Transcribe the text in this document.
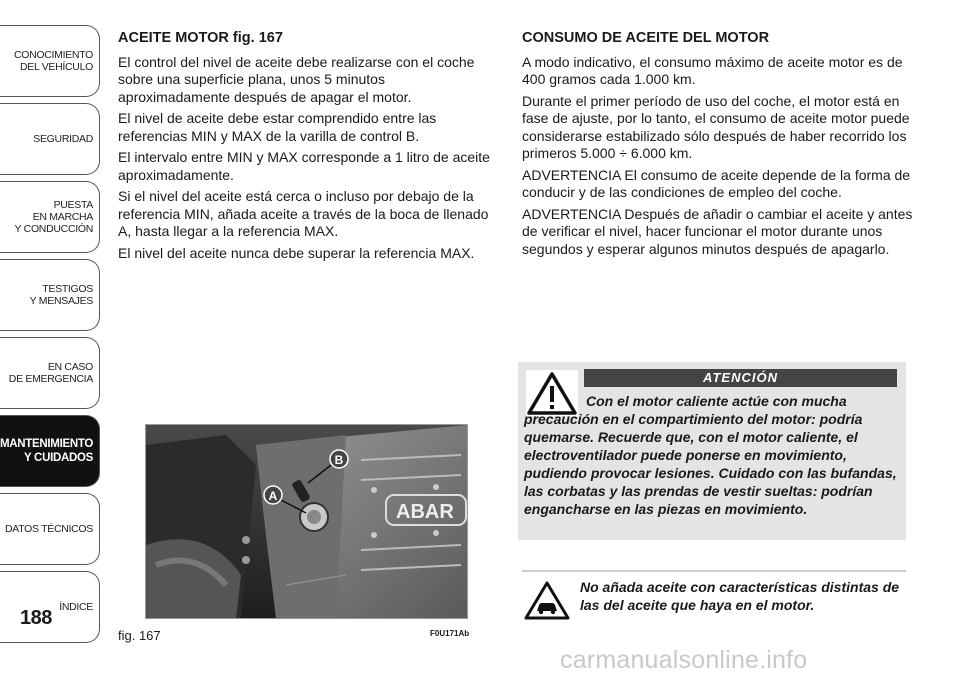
CONOCIMIENTO
DEL VEHÍCULO
SEGURIDAD
PUESTA
EN MARCHA
Y CONDUCCIÓN
TESTIGOS
Y MENSAJES
EN CASO
DE EMERGENCIA
MANTENIMIENTO
Y CUIDADOS
DATOS TÉCNICOS
ÍNDICE
188
ACEITE MOTOR fig. 167

El control del nivel de aceite debe realizarse con el coche sobre una superficie plana, unos 5 minutos aproximadamente después de apagar el motor.

El nivel de aceite debe estar comprendido entre las referencias MIN y MAX de la varilla de control B.

El intervalo entre MIN y MAX corresponde a 1 litro de aceite aproximadamente.

Si el nivel del aceite está cerca o incluso por debajo de la referencia MIN, añada aceite a través de la boca de llenado A, hasta llegar a la referencia MAX.

El nivel del aceite nunca debe superar la referencia MAX.

A
B
ABAR
fig. 167	F0U171Ab
CONSUMO DE ACEITE DEL MOTOR

A modo indicativo, el consumo máximo de aceite motor es de 400 gramos cada 1.000 km.

Durante el primer período de uso del coche, el motor está en fase de ajuste, por lo tanto, el consumo de aceite motor puede considerarse estabilizado sólo después de haber recorrido los primeros 5.000 ÷ 6.000 km.

ADVERTENCIA El consumo de aceite depende de la forma de conducir y de las condiciones de empleo del coche.

ADVERTENCIA Después de añadir o cambiar el aceite y antes de verificar el nivel, hacer funcionar el motor durante unos segundos y esperar algunos minutos después de apagarlo.

ATENCIÓN
Con el motor caliente actúe con mucha precaución en el compartimiento del motor: podría quemarse. Recuerde que, con el motor caliente, el electroventilador puede ponerse en movimiento, pudiendo provocar lesiones. Cuidado con las bufandas, las corbatas y las prendas de vestir sueltas: podrían engancharse en las piezas en movimiento.
No añada aceite con características distintas de las del aceite que haya en el motor.
carmanualsonline.info
